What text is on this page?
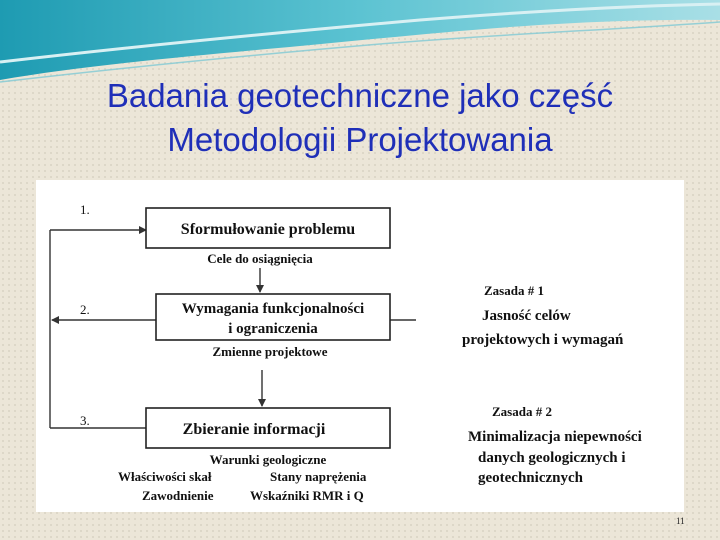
Badania geotechniczne jako część
Metodologii Projektowania
1.
2.
3.
Sformułowanie problemu
Cele do osiągnięcia
Wymagania funkcjonalności
i ograniczenia
Zmienne projektowe
Zbieranie informacji
Warunki geologiczne
Właściwości skał	Stany naprężenia
Zawodnienie	Wskaźniki RMR i Q
Zasada # 1
Jasność celów
projektowych i wymagań
Zasada # 2
Minimalizacja niepewności
danych geologicznych i
geotechnicznych
11
